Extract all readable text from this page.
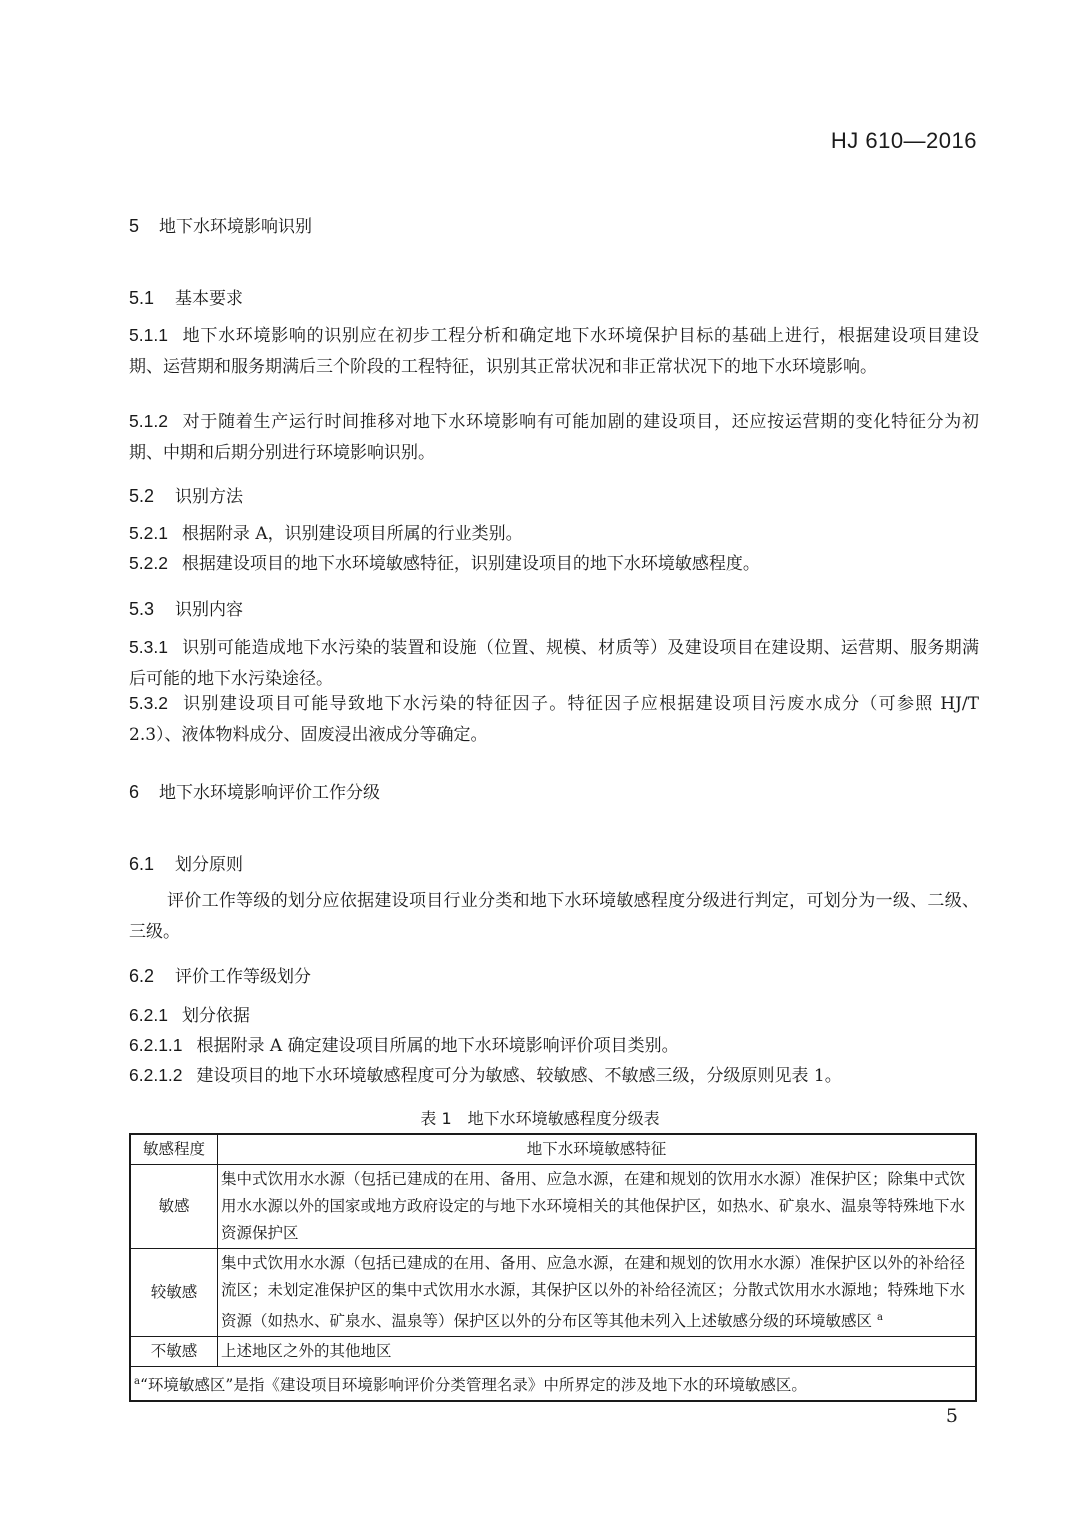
HJ 610—2016
5 地下水环境影响识别
5.1 基本要求
5.1.1 地下水环境影响的识别应在初步工程分析和确定地下水环境保护目标的基础上进行，根据建设项目建设期、运营期和服务期满后三个阶段的工程特征，识别其正常状况和非正常状况下的地下水环境影响。
5.1.2 对于随着生产运行时间推移对地下水环境影响有可能加剧的建设项目，还应按运营期的变化特征分为初期、中期和后期分别进行环境影响识别。
5.2 识别方法
5.2.1 根据附录 A，识别建设项目所属的行业类别。
5.2.2 根据建设项目的地下水环境敏感特征，识别建设项目的地下水环境敏感程度。
5.3 识别内容
5.3.1 识别可能造成地下水污染的装置和设施（位置、规模、材质等）及建设项目在建设期、运营期、服务期满后可能的地下水污染途径。
5.3.2 识别建设项目可能导致地下水污染的特征因子。特征因子应根据建设项目污废水成分（可参照 HJ/T 2.3）、液体物料成分、固废浸出液成分等确定。
6 地下水环境影响评价工作分级
6.1 划分原则
评价工作等级的划分应依据建设项目行业分类和地下水环境敏感程度分级进行判定，可划分为一级、二级、三级。
6.2 评价工作等级划分
6.2.1 划分依据
6.2.1.1 根据附录 A 确定建设项目所属的地下水环境影响评价项目类别。
6.2.1.2 建设项目的地下水环境敏感程度可分为敏感、较敏感、不敏感三级，分级原则见表 1。
表 1　地下水环境敏感程度分级表
敏感程度	地下水环境敏感特征
敏感	集中式饮用水水源（包括已建成的在用、备用、应急水源，在建和规划的饮用水水源）准保护区；除集中式饮用水水源以外的国家或地方政府设定的与地下水环境相关的其他保护区，如热水、矿泉水、温泉等特殊地下水资源保护区
较敏感	集中式饮用水水源（包括已建成的在用、备用、应急水源，在建和规划的饮用水水源）准保护区以外的补给径流区；未划定准保护区的集中式饮用水水源，其保护区以外的补给径流区；分散式饮用水水源地；特殊地下水资源（如热水、矿泉水、温泉等）保护区以外的分布区等其他未列入上述敏感分级的环境敏感区 $^a$
不敏感	上述地区之外的其他地区
$^a$“环境敏感区”是指《建设项目环境影响评价分类管理名录》中所界定的涉及地下水的环境敏感区。	
5
